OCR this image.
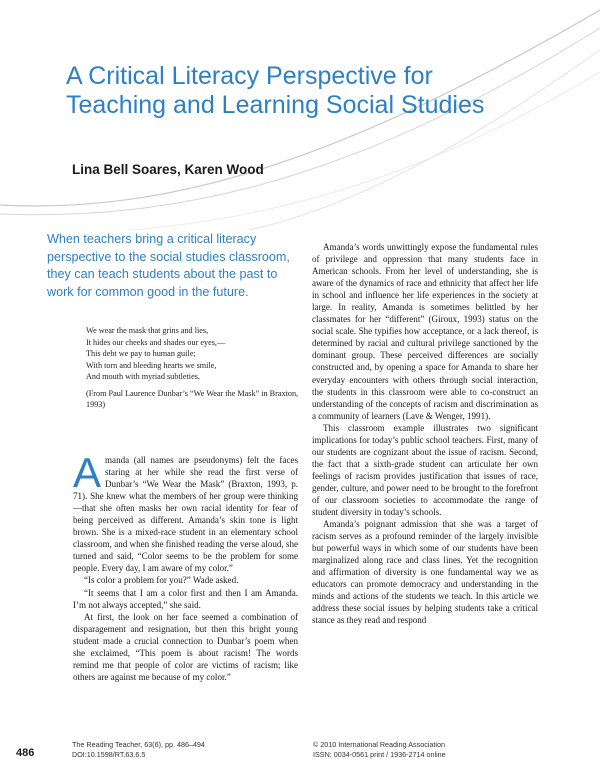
A Critical Literacy Perspective for Teaching and Learning Social Studies

Lina Bell Soares, Karen Wood

When teachers bring a critical literacy perspective to the social studies classroom, they can teach students about the past to work for common good in the future.

We wear the mask that grins and lies,
It hides our cheeks and shades our eyes,—
This debt we pay to human guile;
With torn and bleeding hearts we smile,
And mouth with myriad subtleties.
(From Paul Laurence Dunbar’s “We Wear the Mask” in Braxton, 1993)

Amanda (all names are pseudonyms) felt the faces staring at her while she read the first verse of Dunbar’s “We Wear the Mask” (Braxton, 1993, p. 71). She knew what the members of her group were thinking—that she often masks her own racial identity for fear of being perceived as different. Amanda’s skin tone is light brown. She is a mixed-race student in an elementary school classroom, and when she finished reading the verse aloud, she turned and said, “Color seems to be the problem for some people. Every day, I am aware of my color.”

“Is color a problem for you?” Wade asked.

“It seems that I am a color first and then I am Amanda. I’m not always accepted,” she said.

At first, the look on her face seemed a combination of disparagement and resignation, but then this bright young student made a crucial connection to Dunbar’s poem when she exclaimed, “This poem is about racism! The words remind me that people of color are victims of racism; like others are against me because of my color.”

Amanda’s words unwittingly expose the fundamental rules of privilege and oppression that many students face in American schools. From her level of understanding, she is aware of the dynamics of race and ethnicity that affect her life in school and influence her life experiences in the society at large. In reality, Amanda is sometimes belittled by her classmates for her “different” (Giroux, 1993) status on the social scale. She typifies how acceptance, or a lack thereof, is determined by racial and cultural privilege sanctioned by the dominant group. These perceived differences are socially constructed and, by opening a space for Amanda to share her everyday encounters with others through social interaction, the students in this classroom were able to co-construct an understanding of the concepts of racism and discrimination as a community of learners (Lave & Wenger, 1991).

This classroom example illustrates two significant implications for today’s public school teachers. First, many of our students are cognizant about the issue of racism. Second, the fact that a sixth-grade student can articulate her own feelings of racism provides justification that issues of race, gender, culture, and power need to be brought to the forefront of our classroom societies to accommodate the range of student diversity in today’s schools.

Amanda’s poignant admission that she was a target of racism serves as a profound reminder of the largely invisible but powerful ways in which some of our students have been marginalized along race and class lines. Yet the recognition and affirmation of diversity is one fundamental way we as educators can promote democracy and understanding in the minds and actions of the students we teach. In this article we address these social issues by helping students take a critical stance as they read and respond

486
The Reading Teacher, 63(6), pp. 486–494
DOI:10.1598/RT.63.6.5
© 2010 International Reading Association
ISSN: 0034-0561 print / 1936-2714 online
